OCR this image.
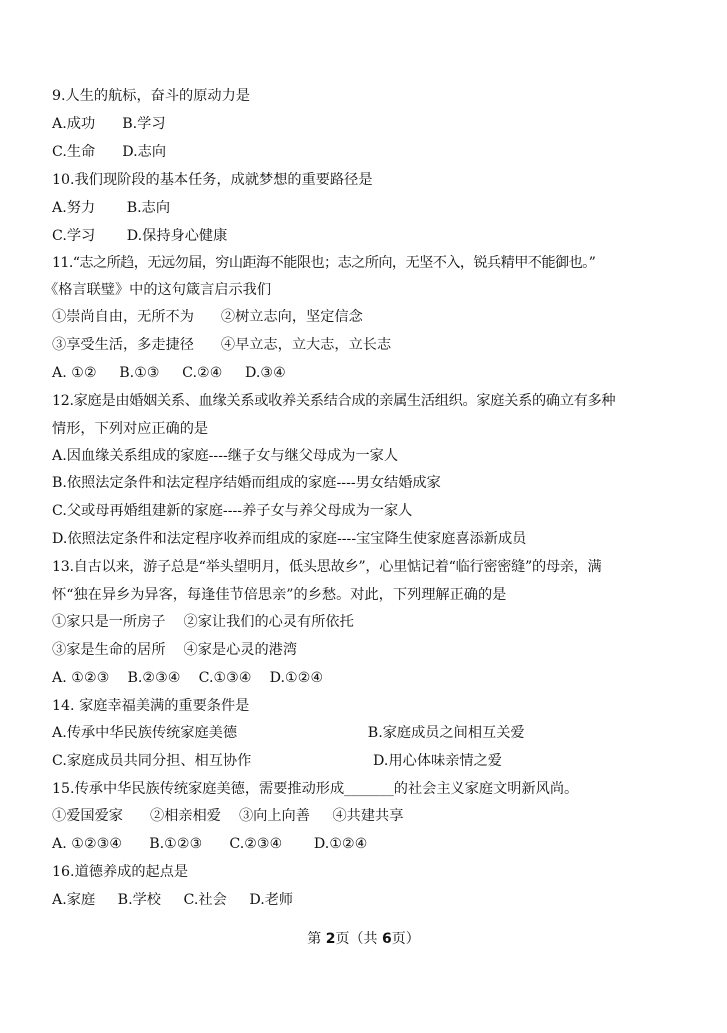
9.人生的航标，奋斗的原动力是
A.成功      B.学习
C.生命      D.志向
10.我们现阶段的基本任务，成就梦想的重要路径是
A.努力       B.志向
C.学习       D.保持身心健康
11.“志之所趋，无远勿届，穷山距海不能限也；志之所向，无坚不入，锐兵精甲不能御也。”
《格言联璧》中的这句箴言启示我们
①崇尚自由，无所不为      ②树立志向，坚定信念
③享受生活，多走捷径      ④早立志，立大志，立长志
A. ①②     B.①③     C.②④     D.③④
12.家庭是由婚姻关系、血缘关系或收养关系结合成的亲属生活组织。家庭关系的确立有多种
情形，下列对应正确的是
A.因血缘关系组成的家庭----继子女与继父母成为一家人
B.依照法定条件和法定程序结婚而组成的家庭----男女结婚成家
C.父或母再婚组建新的家庭----养子女与养父母成为一家人
D.依照法定条件和法定程序收养而组成的家庭----宝宝降生使家庭喜添新成员
13.自古以来，游子总是“举头望明月，低头思故乡”，心里惦记着“临行密密缝”的母亲，满
怀“独在异乡为异客，每逢佳节倍思亲”的乡愁。对此，下列理解正确的是
①家只是一所房子    ②家让我们的心灵有所依托
③家是生命的居所    ④家是心灵的港湾
A. ①②③    B.②③④    C.①③④    D.①②④
14. 家庭幸福美满的重要条件是
A.传承中华民族传统家庭美德                             B.家庭成员之间相互关爱
C.家庭成员共同分担、相互协作                           D.用心体味亲情之爱
15.传承中华民族传统家庭美德，需要推动形成_______的社会主义家庭文明新风尚。
①爱国爱家      ②相亲相爱    ③向上向善     ④共建共享
A. ①②③④      B.①②③      C.②③④       D.①②④
16.道德养成的起点是
A.家庭     B.学校     C.社会     D.老师
第 2页（共 6页）
